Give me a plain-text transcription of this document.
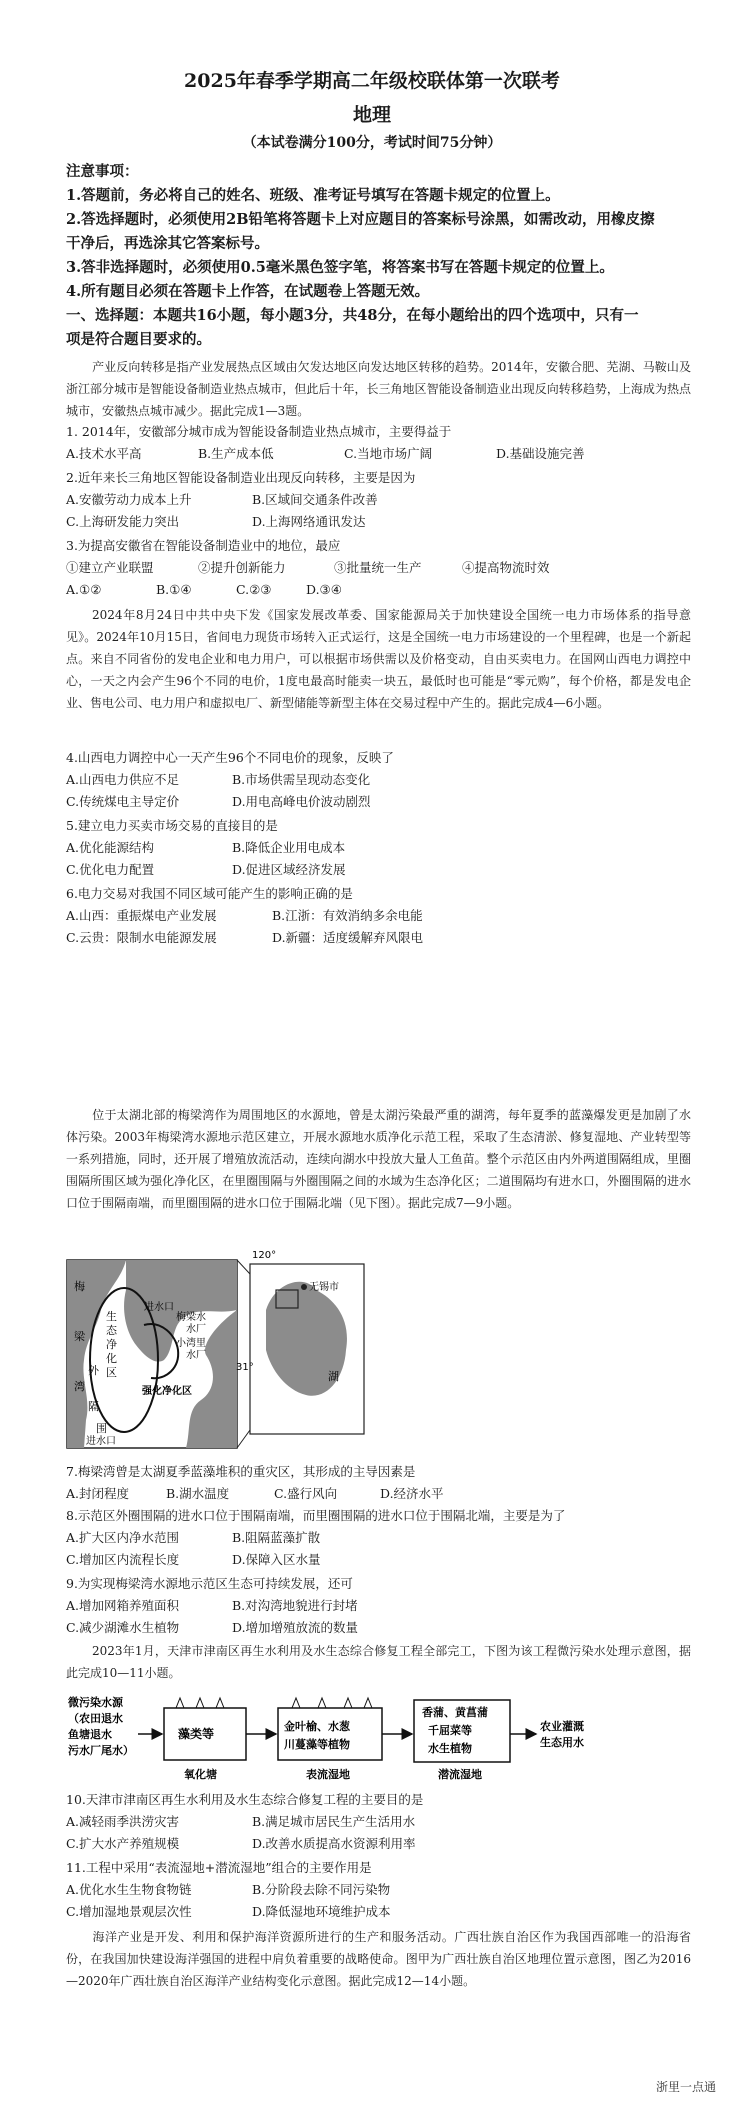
2025年春季学期高二年级校联体第一次联考
地理
（本试卷满分100分，考试时间75分钟）
注意事项：
1.答题前，务必将自己的姓名、班级、准考证号填写在答题卡规定的位置上。
2.答选择题时，必须使用2B铅笔将答题卡上对应题目的答案标号涂黑，如需改动，用橡皮擦
干净后，再选涂其它答案标号。
3.答非选择题时，必须使用0.5毫米黑色签字笔，将答案书写在答题卡规定的位置上。
4.所有题目必须在答题卡上作答，在试题卷上答题无效。
一、选择题：本题共16小题，每小题3分，共48分，在每小题给出的四个选项中，只有一
项是符合题目要求的。
产业反向转移是指产业发展热点区域由欠发达地区向发达地区转移的趋势。2014年，安徽合肥、芜湖、马鞍山及浙江部分城市是智能设备制造业热点城市，但此后十年，长三角地区智能设备制造业出现反向转移趋势，上海成为热点城市，安徽热点城市减少。据此完成1—3题。
1. 2014年，安徽部分城市成为智能设备制造业热点城市，主要得益于
A.技术水平高	B.生产成本低	C.当地市场广阔	D.基础设施完善
2.近年来长三角地区智能设备制造业出现反向转移，主要是因为
A.安徽劳动力成本上升	B.区域间交通条件改善
C.上海研发能力突出	D.上海网络通讯发达
3.为提高安徽省在智能设备制造业中的地位，最应
①建立产业联盟	②提升创新能力	③批量统一生产	④提高物流时效
A.①②	B.①④	C.②③	D.③④
2024年8月24日中共中央下发《国家发展改革委、国家能源局关于加快建设全国统一电力市场体系的指导意见》。2024年10月15日，省间电力现货市场转入正式运行，这是全国统一电力市场建设的一个里程碑，也是一个新起点。来自不同省份的发电企业和电力用户，可以根据市场供需以及价格变动，自由买卖电力。在国网山西电力调控中心，一天之内会产生96个不同的电价，1度电最高时能卖一块五，最低时也可能是“零元购”，每个价格，都是发电企业、售电公司、电力用户和虚拟电厂、新型储能等新型主体在交易过程中产生的。据此完成4—6小题。
4.山西电力调控中心一天产生96个不同电价的现象，反映了
A.山西电力供应不足	B.市场供需呈现动态变化
C.传统煤电主导定价	D.用电高峰电价波动剧烈
5.建立电力买卖市场交易的直接目的是
A.优化能源结构	B.降低企业用电成本
C.优化电力配置	D.促进区域经济发展
6.电力交易对我国不同区域可能产生的影响正确的是
A.山西：重振煤电产业发展	B.江浙：有效消纳多余电能
C.云贵：限制水电能源发展	D.新疆：适度缓解弃风限电
位于太湖北部的梅梁湾作为周围地区的水源地，曾是太湖污染最严重的湖湾，每年夏季的蓝藻爆发更是加剧了水体污染。2003年梅梁湾水源地示范区建立，开展水源地水质净化示范工程，采取了生态清淤、修复湿地、产业转型等一系列措施，同时，还开展了增殖放流活动，连续向湖水中投放大量人工鱼苗。整个示范区由内外两道围隔组成，里圈围隔所围区域为强化净化区，在里圈围隔与外圈围隔之间的水域为生态净化区；二道围隔均有进水口，外圈围隔的进水口位于围隔南端，而里圈围隔的进水口位于围隔北端（见下图）。据此完成7—9小题。
生
态
净
化
区
梅
梁
湾
外
隔
围
进水口
梅梁水
水厂
小湾里
水厂
强化净化区
进水口
无锡市
120°
31°
湖
7.梅梁湾曾是太湖夏季蓝藻堆积的重灾区，其形成的主导因素是
A.封闭程度	B.湖水温度	C.盛行风向	D.经济水平
8.示范区外圈围隔的进水口位于围隔南端，而里圈围隔的进水口位于围隔北端，主要是为了
A.扩大区内净水范围	B.阻隔蓝藻扩散
C.增加区内流程长度	D.保障入区水量
9.为实现梅梁湾水源地示范区生态可持续发展，还可
A.增加网箱养殖面积	B.对沟湾地貌进行封堵
C.减少湖滩水生植物	D.增加增殖放流的数量
2023年1月，天津市津南区再生水利用及水生态综合修复工程全部完工，下图为该工程微污染水处理示意图，据此完成10—11小题。
微污染水源
（农田退水
鱼塘退水
污水厂尾水）
藻类等
氧化塘
金叶榆、水葱
川蔓藻等植物
表流湿地
香蒲、黄菖蒲
千屈菜等
水生植物
潜流湿地
农业灌溉
生态用水
10.天津市津南区再生水利用及水生态综合修复工程的主要目的是
A.减轻雨季洪涝灾害	B.满足城市居民生产生活用水
C.扩大水产养殖规模	D.改善水质提高水资源利用率
11.工程中采用“表流湿地+潜流湿地”组合的主要作用是
A.优化水生生物食物链	B.分阶段去除不同污染物
C.增加湿地景观层次性	D.降低湿地环境维护成本
海洋产业是开发、利用和保护海洋资源所进行的生产和服务活动。广西壮族自治区作为我国西部唯一的沿海省份，在我国加快建设海洋强国的进程中肩负着重要的战略使命。图甲为广西壮族自治区地理位置示意图，图乙为2016—2020年广西壮族自治区海洋产业结构变化示意图。据此完成12—14小题。
浙里一点通
